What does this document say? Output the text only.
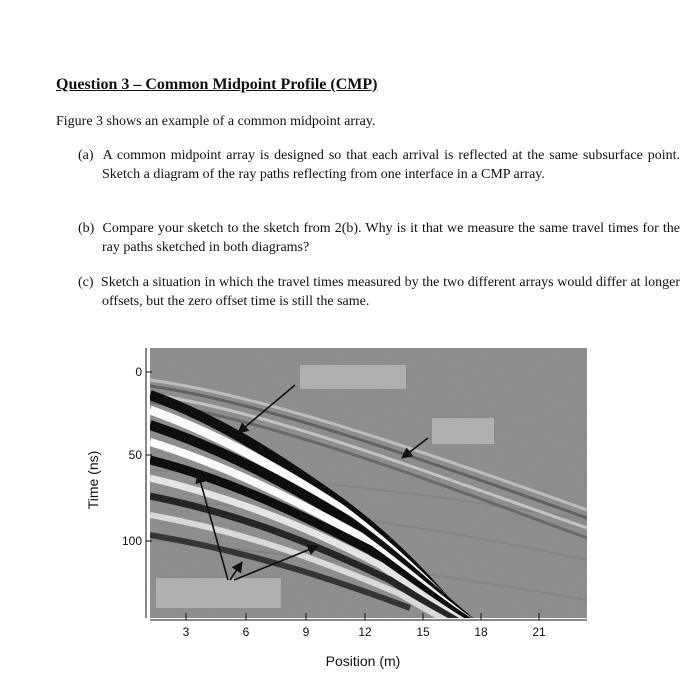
Question 3 – Common Midpoint Profile (CMP)
Figure 3 shows an example of a common midpoint array.
(a) A common midpoint array is designed so that each arrival is reflected at the same subsurface point. Sketch a diagram of the ray paths reflecting from one interface in a CMP array.
(b) Compare your sketch to the sketch from 2(b). Why is it that we measure the same travel times for the ray paths sketched in both diagrams?
(c) Sketch a situation in which the travel times measured by the two different arrays would differ at longer offsets, but the zero offset time is still the same.
0
50
100
3	6	9	12	15	18	21
Position (m)
Time (ns)
